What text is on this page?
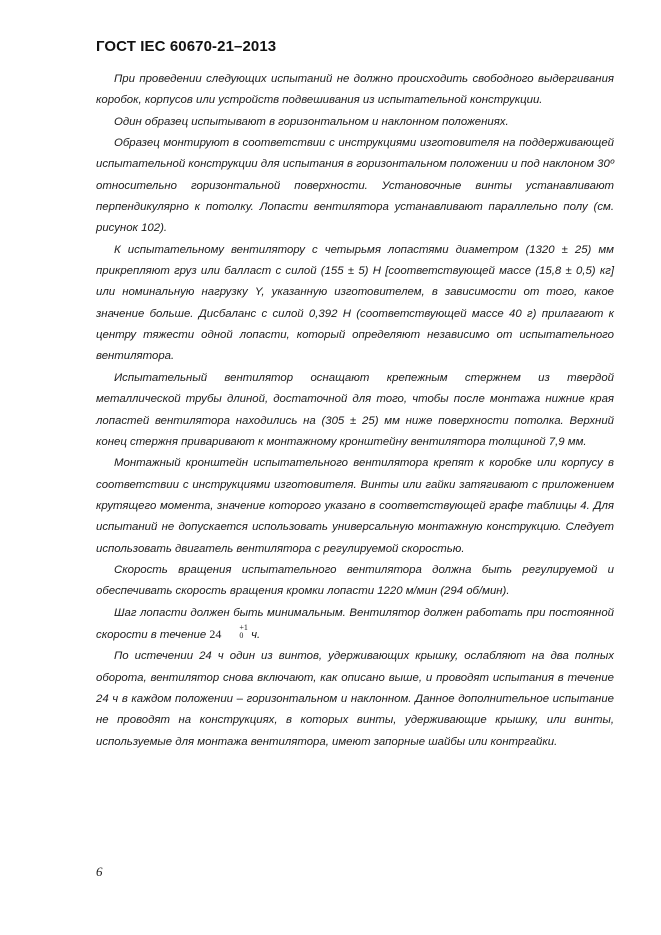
ГОСТ IEC 60670-21–2013

При проведении следующих испытаний не должно происходить свободного выдергивания коробок, корпусов или устройств подвешивания из испытательной конструкции.

Один образец испытывают в горизонтальном и наклонном положениях.

Образец монтируют в соответствии с инструкциями изготовителя на поддерживающей испытательной конструкции для испытания в горизонтальном положении и под наклоном 30º относительно горизонтальной поверхности. Установочные винты устанавливают перпендикулярно к потолку. Лопасти вентилятора устанавливают параллельно полу (см. рисунок 102).

К испытательному вентилятору с четырьмя лопастями диаметром (1320 ± 25) мм прикрепляют груз или балласт с силой (155 ± 5) Н [соответствующей массе (15,8 ± 0,5) кг] или номинальную нагрузку Y, указанную изготовителем, в зависимости от того, какое значение больше. Дисбаланс с силой 0,392 Н (соответствующей массе 40 г) прилагают к центру тяжести одной лопасти, который определяют независимо от испытательного вентилятора.

Испытательный вентилятор оснащают крепежным стержнем из твердой металлической трубы длиной, достаточной для того, чтобы после монтажа нижние края лопастей вентилятора находились на (305 ± 25) мм ниже поверхности потолка. Верхний конец стержня приваривают к монтажному кронштейну вентилятора толщиной 7,9 мм.

Монтажный кронштейн испытательного вентилятора крепят к коробке или корпусу в соответствии с инструкциями изготовителя. Винты или гайки затягивают с приложением крутящего момента, значение которого указано в соответствующей графе таблицы 4. Для испытаний не допускается использовать универсальную монтажную конструкцию. Следует использовать двигатель вентилятора с регулируемой скоростью.

Скорость вращения испытательного вентилятора должна быть регулируемой и обеспечивать скорость вращения кромки лопасти 1220 м/мин (294 об/мин).

Шаг лопасти должен быть минимальным. Вентилятор должен работать при постоянной скорости в течение 24	+1
0 ч.

По истечении 24 ч один из винтов, удерживающих крышку, ослабляют на два полных оборота, вентилятор снова включают, как описано выше, и проводят испытания в течение 24 ч в каждом положении – горизонтальном и наклонном. Данное дополнительное испытание не проводят на конструкциях, в которых винты, удерживающие крышку, или винты, используемые для монтажа вентилятора, имеют запорные шайбы или контргайки.

6
